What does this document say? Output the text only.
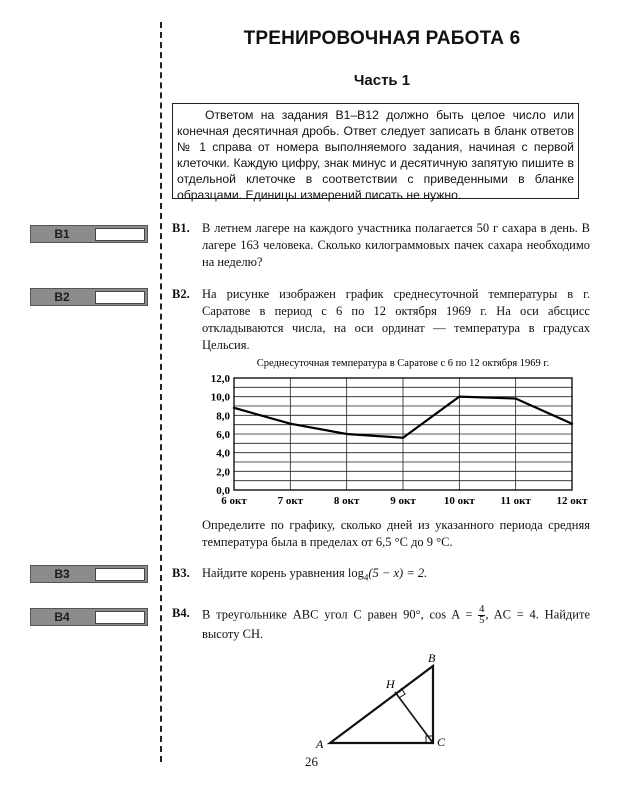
ТРЕНИРОВОЧНАЯ РАБОТА 6
Часть 1
Ответом на задания В1–В12 должно быть целое число или конечная десятичная дробь. Ответ следует записать в бланк ответов № 1 справа от номера выполняемого задания, начиная с первой клеточки. Каждую цифру, знак минус и десятичную запятую пишите в отдельной клеточке в соответствии с приведенными в бланке образцами. Единицы измерений писать не нужно.
B1
B2
B3
B4
B1. В летнем лагере на каждого участника полагается 50 г сахара в день. В лагере 163 человека. Сколько килограммовых пачек сахара необходимо на неделю?
B2. На рисунке изображен график среднесуточной температуры в г. Саратове в период с 6 по 12 октября 1969 г. На оси абсцисс откладываются числа, на оси ординат — температура в градусах Цельсия.
Среднесуточная температура в Саратове с 6 по 12 октября 1969 г.
12,0
10,0
8,0
6,0
4,0
2,0
0,0
6 окт	7 окт	8 окт	9 окт	10 окт 11 окт 12 окт
Определите по графику, сколько дней из указанного периода средняя температура была в пределах от 6,5 °С до 9 °С.
B3. Найдите корень уравнения $\log_4(5 - x) = 2$.
B4. В треугольнике ABC угол C равен 90°, $\cos A = \frac{4}{5}$ , AC = 4. Найдите высоту CH.
A
B
C
H
26
